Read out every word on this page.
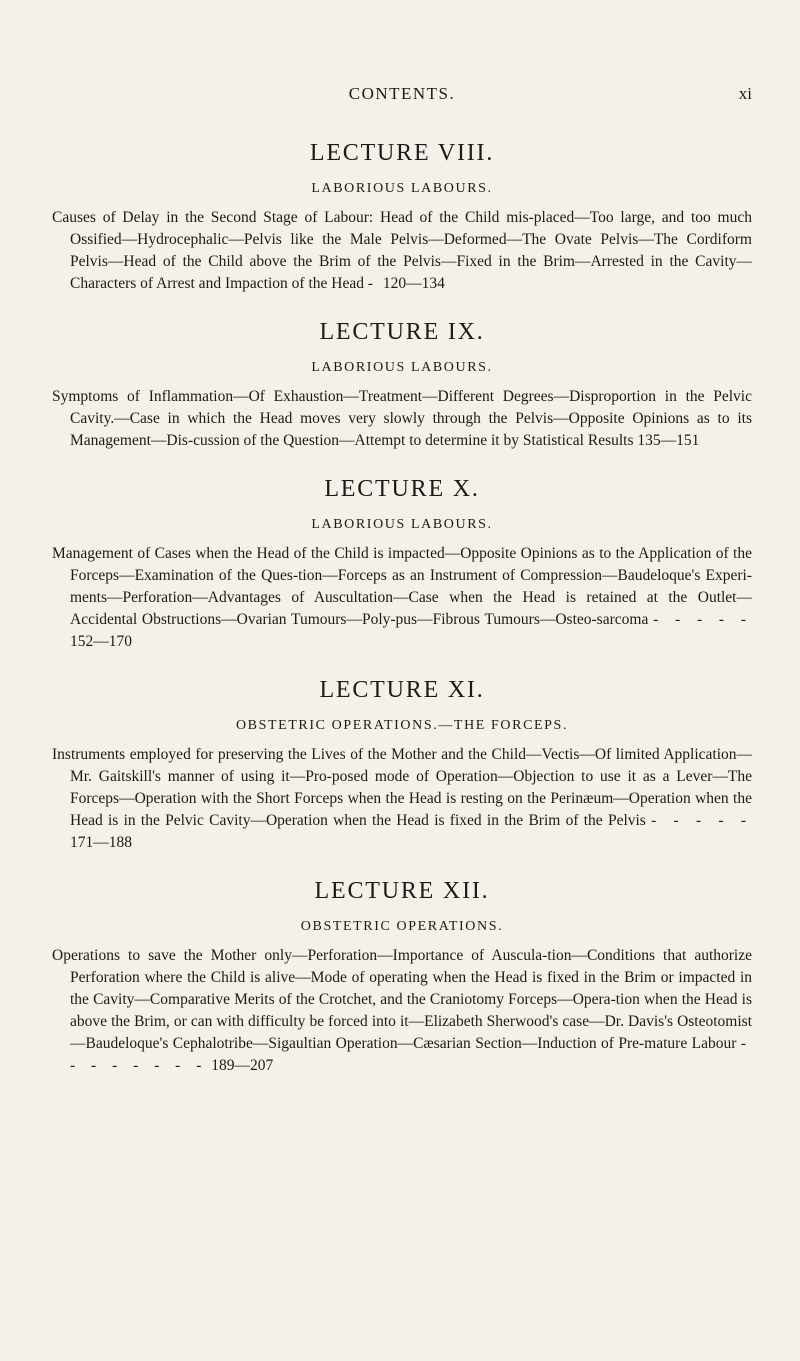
CONTENTS.	xi
LECTURE VIII.
LABORIOUS LABOURS.

Causes of Delay in the Second Stage of Labour: Head of the Child mis-placed—Too large, and too much Ossified—Hydrocephalic—Pelvis like the Male Pelvis—Deformed—The Ovate Pelvis—The Cordiform Pelvis—Head of the Child above the Brim of the Pelvis—Fixed in the Brim—Arrested in the Cavity—Characters of Arrest and Impaction of the Head - 120—134

LECTURE IX.
LABORIOUS LABOURS.

Symptoms of Inflammation—Of Exhaustion—Treatment—Different Degrees—Disproportion in the Pelvic Cavity.—Case in which the Head moves very slowly through the Pelvis—Opposite Opinions as to its Management—Dis-cussion of the Question—Attempt to determine it by Statistical Results 135—151

LECTURE X.
LABORIOUS LABOURS.

Management of Cases when the Head of the Child is impacted—Opposite Opinions as to the Application of the Forceps—Examination of the Ques-tion—Forceps as an Instrument of Compression—Baudeloque's Experi-ments—Perforation—Advantages of Auscultation—Case when the Head is retained at the Outlet—Accidental Obstructions—Ovarian Tumours—Poly-pus—Fibrous Tumours—Osteo-sarcoma - - - - - 152—170

LECTURE XI.
OBSTETRIC OPERATIONS.—THE FORCEPS.

Instruments employed for preserving the Lives of the Mother and the Child—Vectis—Of limited Application—Mr. Gaitskill's manner of using it—Pro-posed mode of Operation—Objection to use it as a Lever—The Forceps—Operation with the Short Forceps when the Head is resting on the Perinæum—Operation when the Head is in the Pelvic Cavity—Operation when the Head is fixed in the Brim of the Pelvis - - - - - 171—188

LECTURE XII.
OBSTETRIC OPERATIONS.

Operations to save the Mother only—Perforation—Importance of Auscula-tion—Conditions that authorize Perforation where the Child is alive—Mode of operating when the Head is fixed in the Brim or impacted in the Cavity—Comparative Merits of the Crotchet, and the Craniotomy Forceps—Opera-tion when the Head is above the Brim, or can with difficulty be forced into it—Elizabeth Sherwood's case—Dr. Davis's Osteotomist—Baudeloque's Cephalotribe—Sigaultian Operation—Cæsarian Section—Induction of Pre-mature Labour - - - - - - - - 189—207
